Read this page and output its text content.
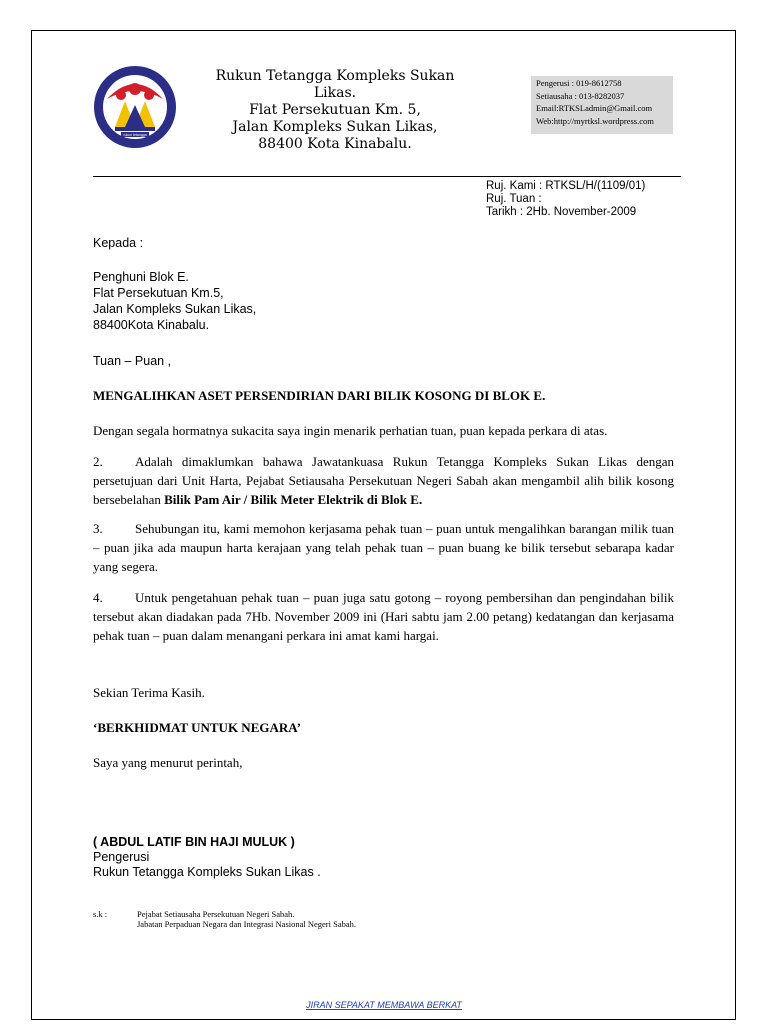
rukun tetangga
Rukun Tetangga Kompleks Sukan
Likas.
Flat Persekutuan Km. 5,
Jalan Kompleks Sukan Likas,
88400 Kota Kinabalu.
Pengerusi : 019-8612758
Setiausaha : 013-8282037
Email:RTKSLadmin@Gmail.com
Web:http://myrtksl.wordpress.com
Ruj. Kami : RTKSL/H/(1109/01)
Ruj. Tuan :
Tarikh : 2Hb. November-2009
Kepada :
Penghuni Blok E.
Flat Persekutuan Km.5,
Jalan Kompleks Sukan Likas,
88400Kota Kinabalu.
Tuan – Puan ,
MENGALIHKAN ASET PERSENDIRIAN DARI BILIK KOSONG DI BLOK E.
Dengan segala hormatnya sukacita saya ingin menarik perhatian tuan, puan kepada perkara di atas.
2. Adalah dimaklumkan bahawa Jawatankuasa Rukun Tetangga Kompleks Sukan Likas dengan persetujuan dari Unit Harta, Pejabat Setiausaha Persekutuan Negeri Sabah akan mengambil alih bilik kosong bersebelahan Bilik Pam Air / Bilik Meter Elektrik di Blok E.
3. Sehubungan itu, kami memohon kerjasama pehak tuan – puan untuk mengalihkan barangan milik tuan – puan jika ada maupun harta kerajaan yang telah pehak tuan – puan buang ke bilik tersebut sebarapa kadar yang segera.
4. Untuk pengetahuan pehak tuan – puan juga satu gotong – royong pembersihan dan pengindahan bilik tersebut akan diadakan pada 7Hb. November 2009 ini (Hari sabtu jam 2.00 petang) kedatangan dan kerjasama pehak tuan – puan dalam menangani perkara ini amat kami hargai.
Sekian Terima Kasih.
‘BERKHIDMAT UNTUK NEGARA’
Saya yang menurut perintah,
( ABDUL LATIF BIN HAJI MULUK )
Pengerusi
Rukun Tetangga Kompleks Sukan Likas .
s.k :	Pejabat Setiausaha Persekutuan Negeri Sabah.
Jabatan Perpaduan Negara dan Integrasi Nasional Negeri Sabah.
JIRAN SEPAKAT MEMBAWA BERKAT
